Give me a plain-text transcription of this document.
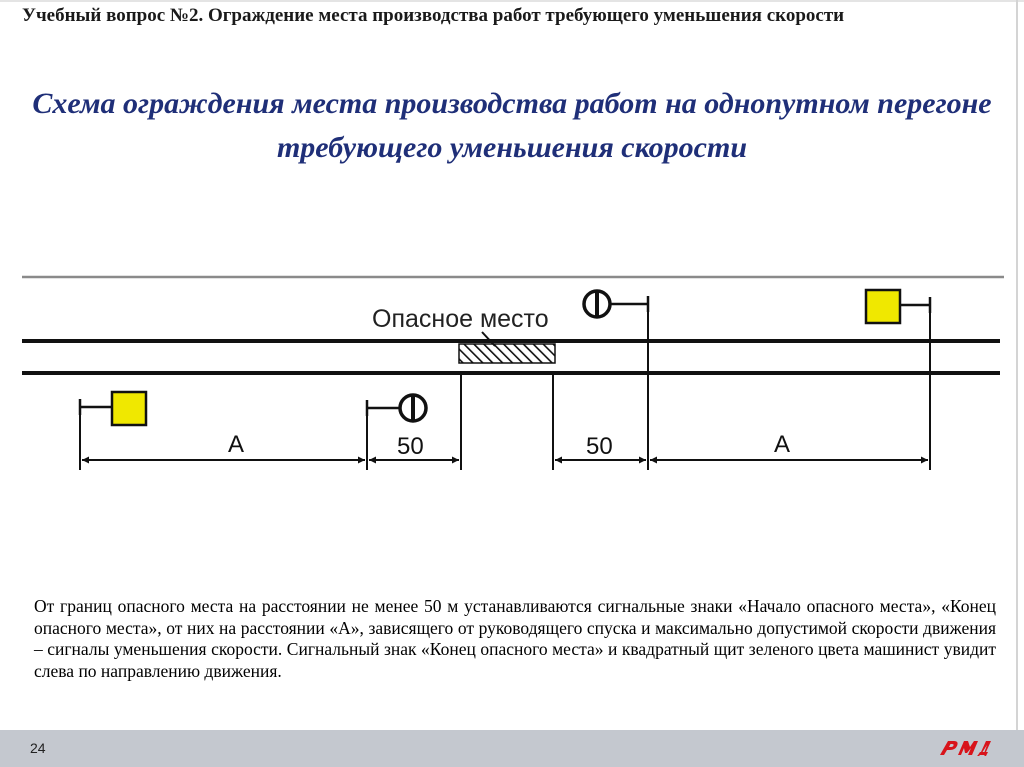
Учебный вопрос №2. Ограждение места производства работ требующего уменьшения скорости
Схема ограждения места производства работ на однопутном перегоне требующего уменьшения скорости
Опасное место
А	50	50	А

От границ опасного места на расстоянии не менее 50 м устанавливаются сигнальные знаки «Начало опасного места», «Конец опасного места», от них на расстоянии «А», зависящего от руководящего спуска и максимально допустимой скорости движения – сигналы уменьшения скорости. Сигнальный знак «Конец опасного места» и квадратный щит зеленого цвета машинист увидит слева по направлению движения.

24
